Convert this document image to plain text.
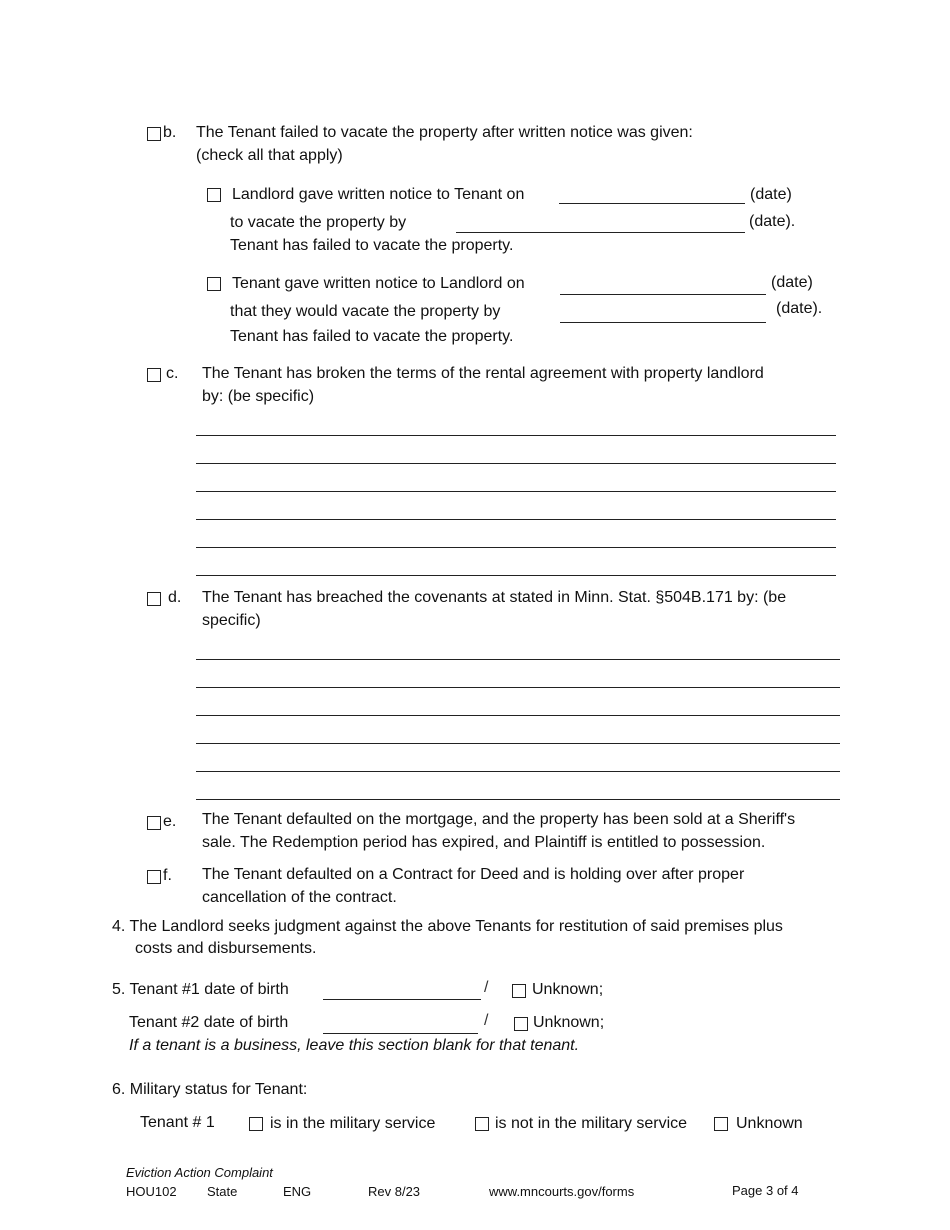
b. The Tenant failed to vacate the property after written notice was given:
(check all that apply)
Landlord gave written notice to Tenant on	(date)
to vacate the property by	(date).
Tenant has failed to vacate the property.
Tenant gave written notice to Landlord on	(date)
that they would vacate the property by	(date).
Tenant has failed to vacate the property.
c. The Tenant has broken the terms of the rental agreement with property landlord
by: (be specific)
d. The Tenant has breached the covenants at stated in Minn. Stat. §504B.171 by: (be
specific)
e. The Tenant defaulted on the mortgage, and the property has been sold at a Sheriff's
sale. The Redemption period has expired, and Plaintiff is entitled to possession.
f. The Tenant defaulted on a Contract for Deed and is holding over after proper
cancellation of the contract.
4. The Landlord seeks judgment against the above Tenants for restitution of said premises plus
costs and disbursements.
5. Tenant #1 date of birth	/	Unknown;
Tenant #2 date of birth	/	Unknown;
If a tenant is a business, leave this section blank for that tenant.
6. Military status for Tenant:
Tenant # 1	is in the military service	is not in the military service	Unknown
Eviction Action Complaint
HOU102 State	ENG	Rev 8/23	www.mncourts.gov/forms	Page 3 of 4
